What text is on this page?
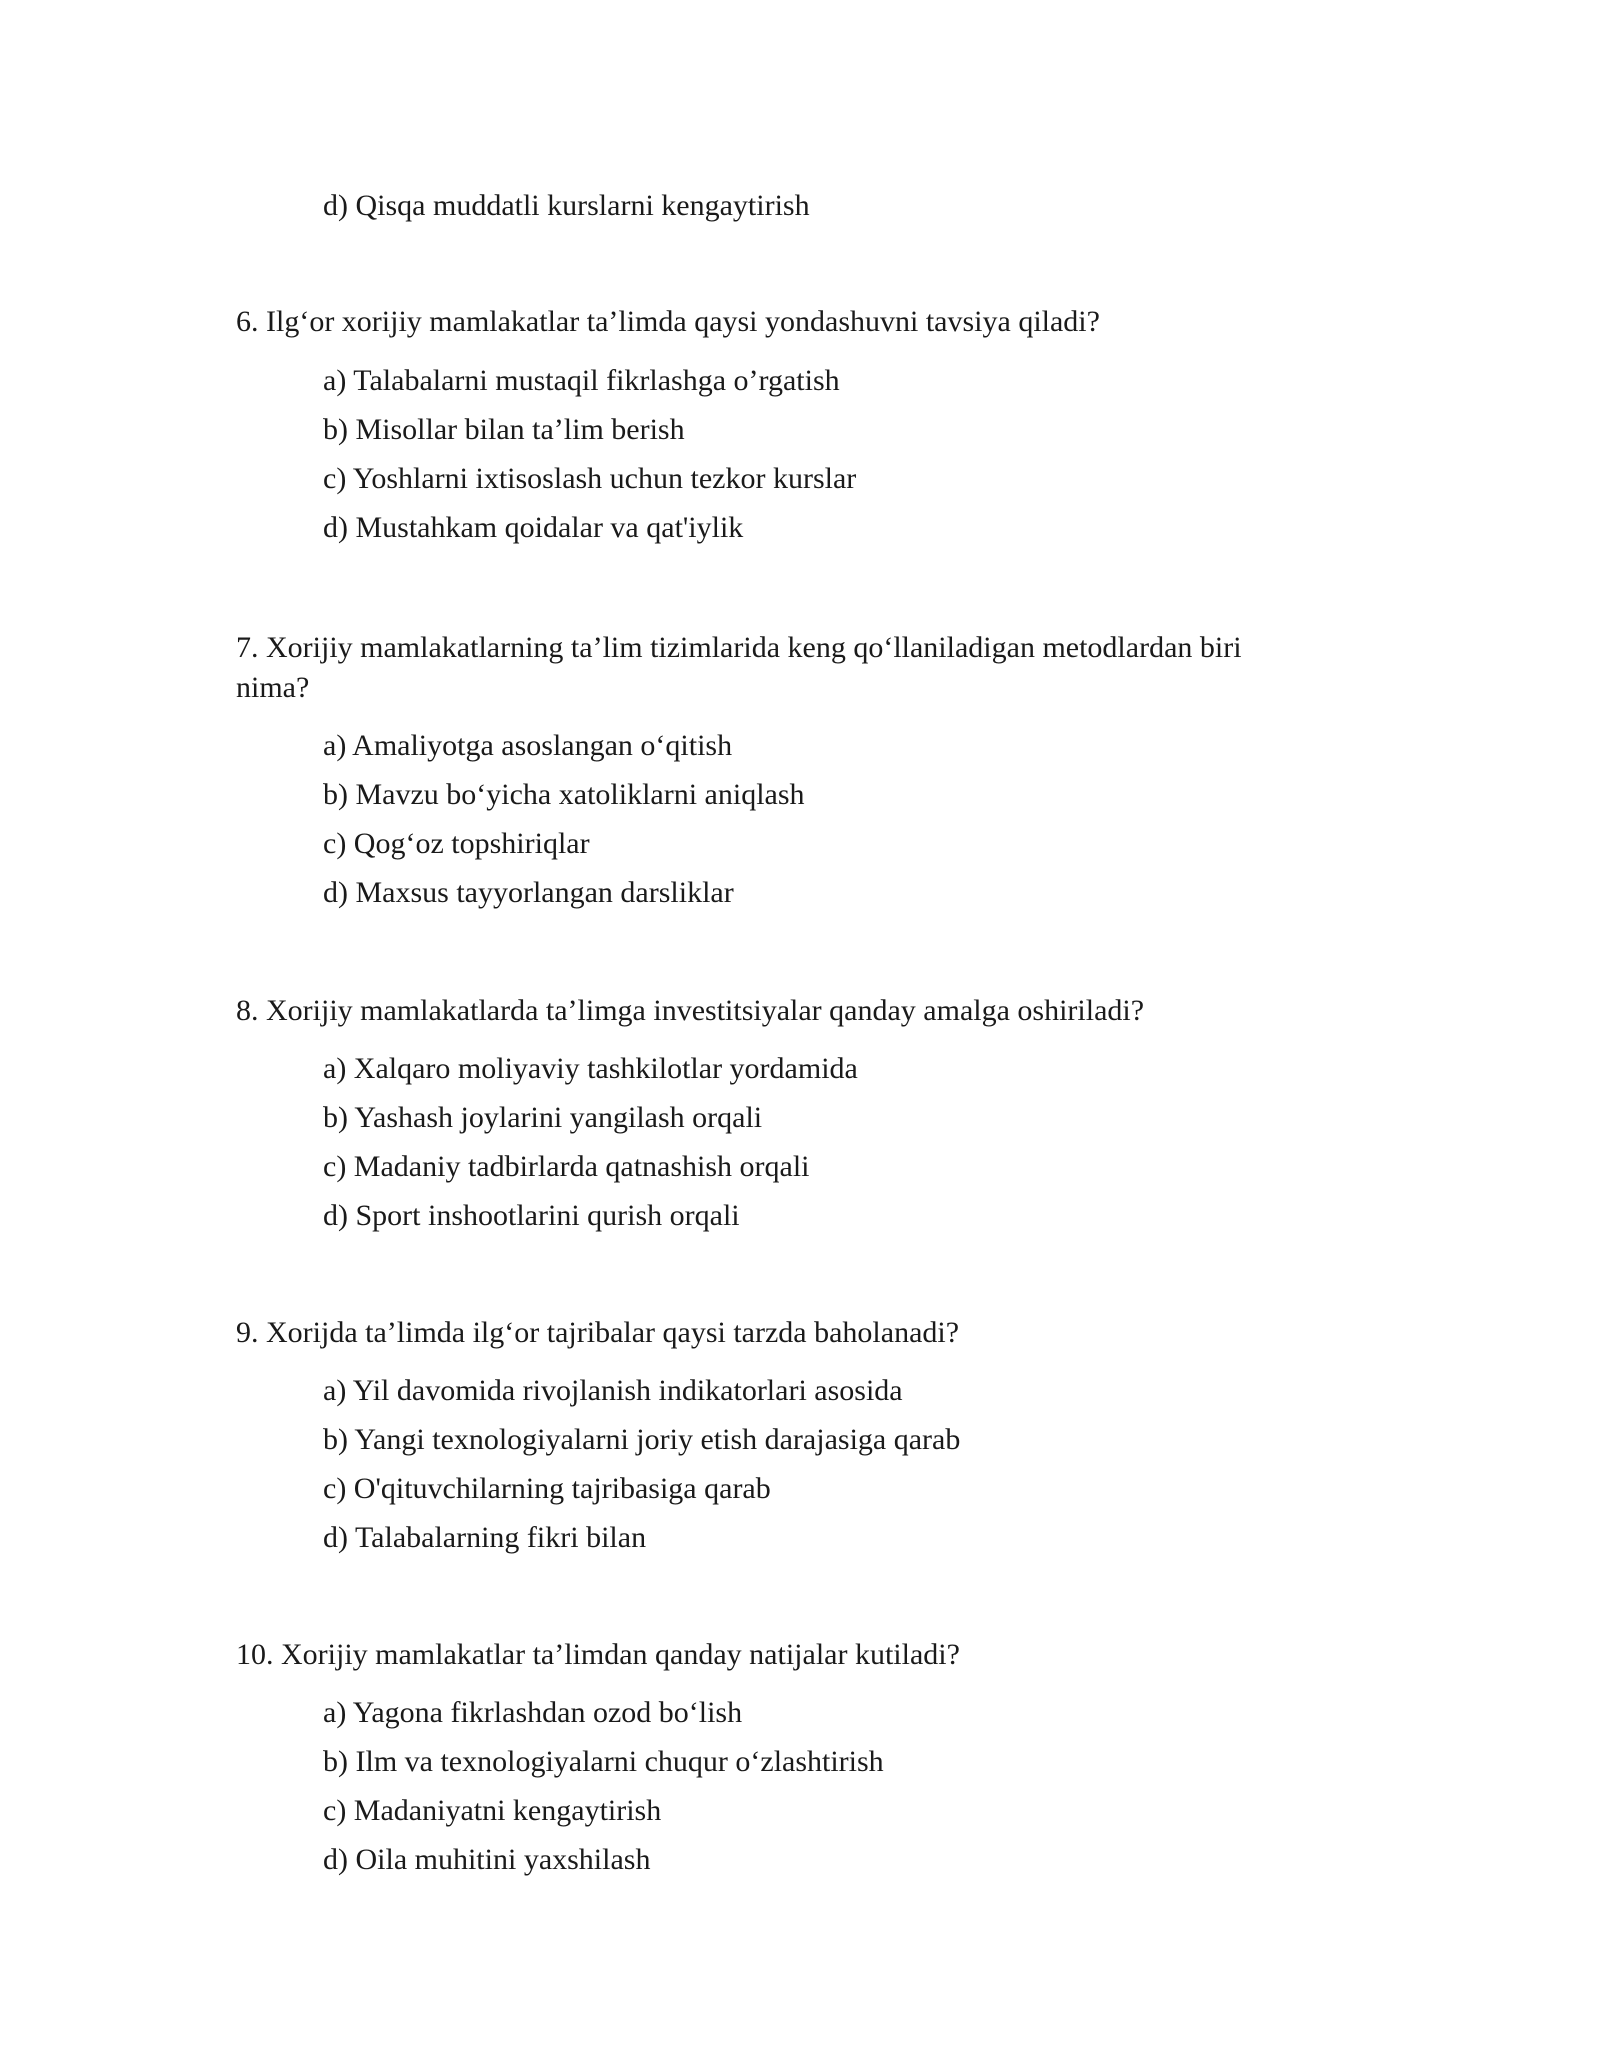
d) Qisqa muddatli kurslarni kengaytirish
6. Ilg‘or xorijiy mamlakatlar ta’limda qaysi yondashuvni tavsiya qiladi?
a) Talabalarni mustaqil fikrlashga o’rgatish
b) Misollar bilan ta’lim berish
c) Yoshlarni ixtisoslash uchun tezkor kurslar
d) Mustahkam qoidalar va qat'iylik
7. Xorijiy mamlakatlarning ta’lim tizimlarida keng qo‘llaniladigan metodlardan biri
nima?
a) Amaliyotga asoslangan o‘qitish
b) Mavzu bo‘yicha xatoliklarni aniqlash
c) Qog‘oz topshiriqlar
d) Maxsus tayyorlangan darsliklar
8. Xorijiy mamlakatlarda ta’limga investitsiyalar qanday amalga oshiriladi?
a) Xalqaro moliyaviy tashkilotlar yordamida
b) Yashash joylarini yangilash orqali
c) Madaniy tadbirlarda qatnashish orqali
d) Sport inshootlarini qurish orqali
9. Xorijda ta’limda ilg‘or tajribalar qaysi tarzda baholanadi?
a) Yil davomida rivojlanish indikatorlari asosida
b) Yangi texnologiyalarni joriy etish darajasiga qarab
c) O'qituvchilarning tajribasiga qarab
d) Talabalarning fikri bilan
10. Xorijiy mamlakatlar ta’limdan qanday natijalar kutiladi?
a) Yagona fikrlashdan ozod bo‘lish
b) Ilm va texnologiyalarni chuqur o‘zlashtirish
c) Madaniyatni kengaytirish
d) Oila muhitini yaxshilash
